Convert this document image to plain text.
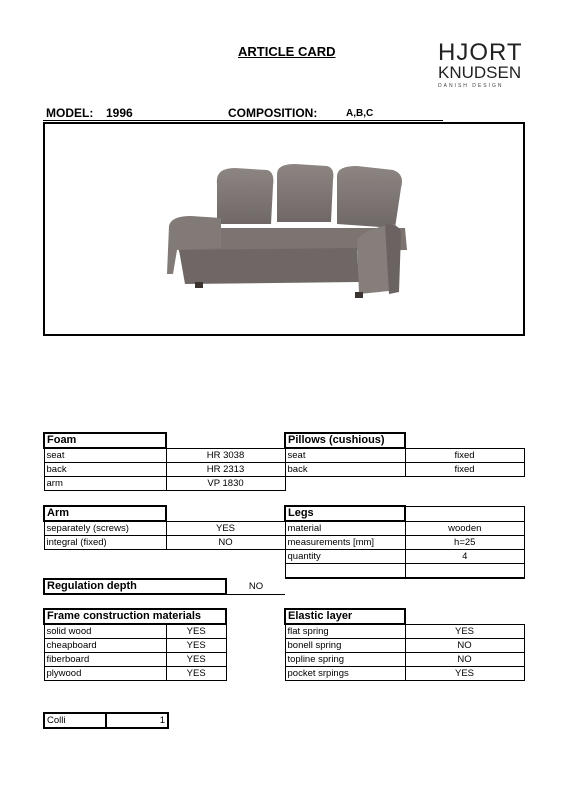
ARTICLE CARD	HJORT
KNUDSEN
DANISH DESIGN
MODEL: 1996	COMPOSITION:	A,B,C
Foam	
seat	HR 3038
back	HR 2313
arm	VP 1830
Pillows (cushious)	
seat	fixed
back	fixed
Arm	
separately (screws)	YES
integral (fixed)	NO
Legs	
material	wooden
measurements [mm]	h=25
quantity	4

Regulation depth	NO
Frame construction materials	
solid wood	YES
cheapboard	YES
fiberboard	YES
plywood	YES
Elastic layer	
flat spring	YES
bonell spring	NO
topline spring	NO
pocket srpings	YES
Colli	1
